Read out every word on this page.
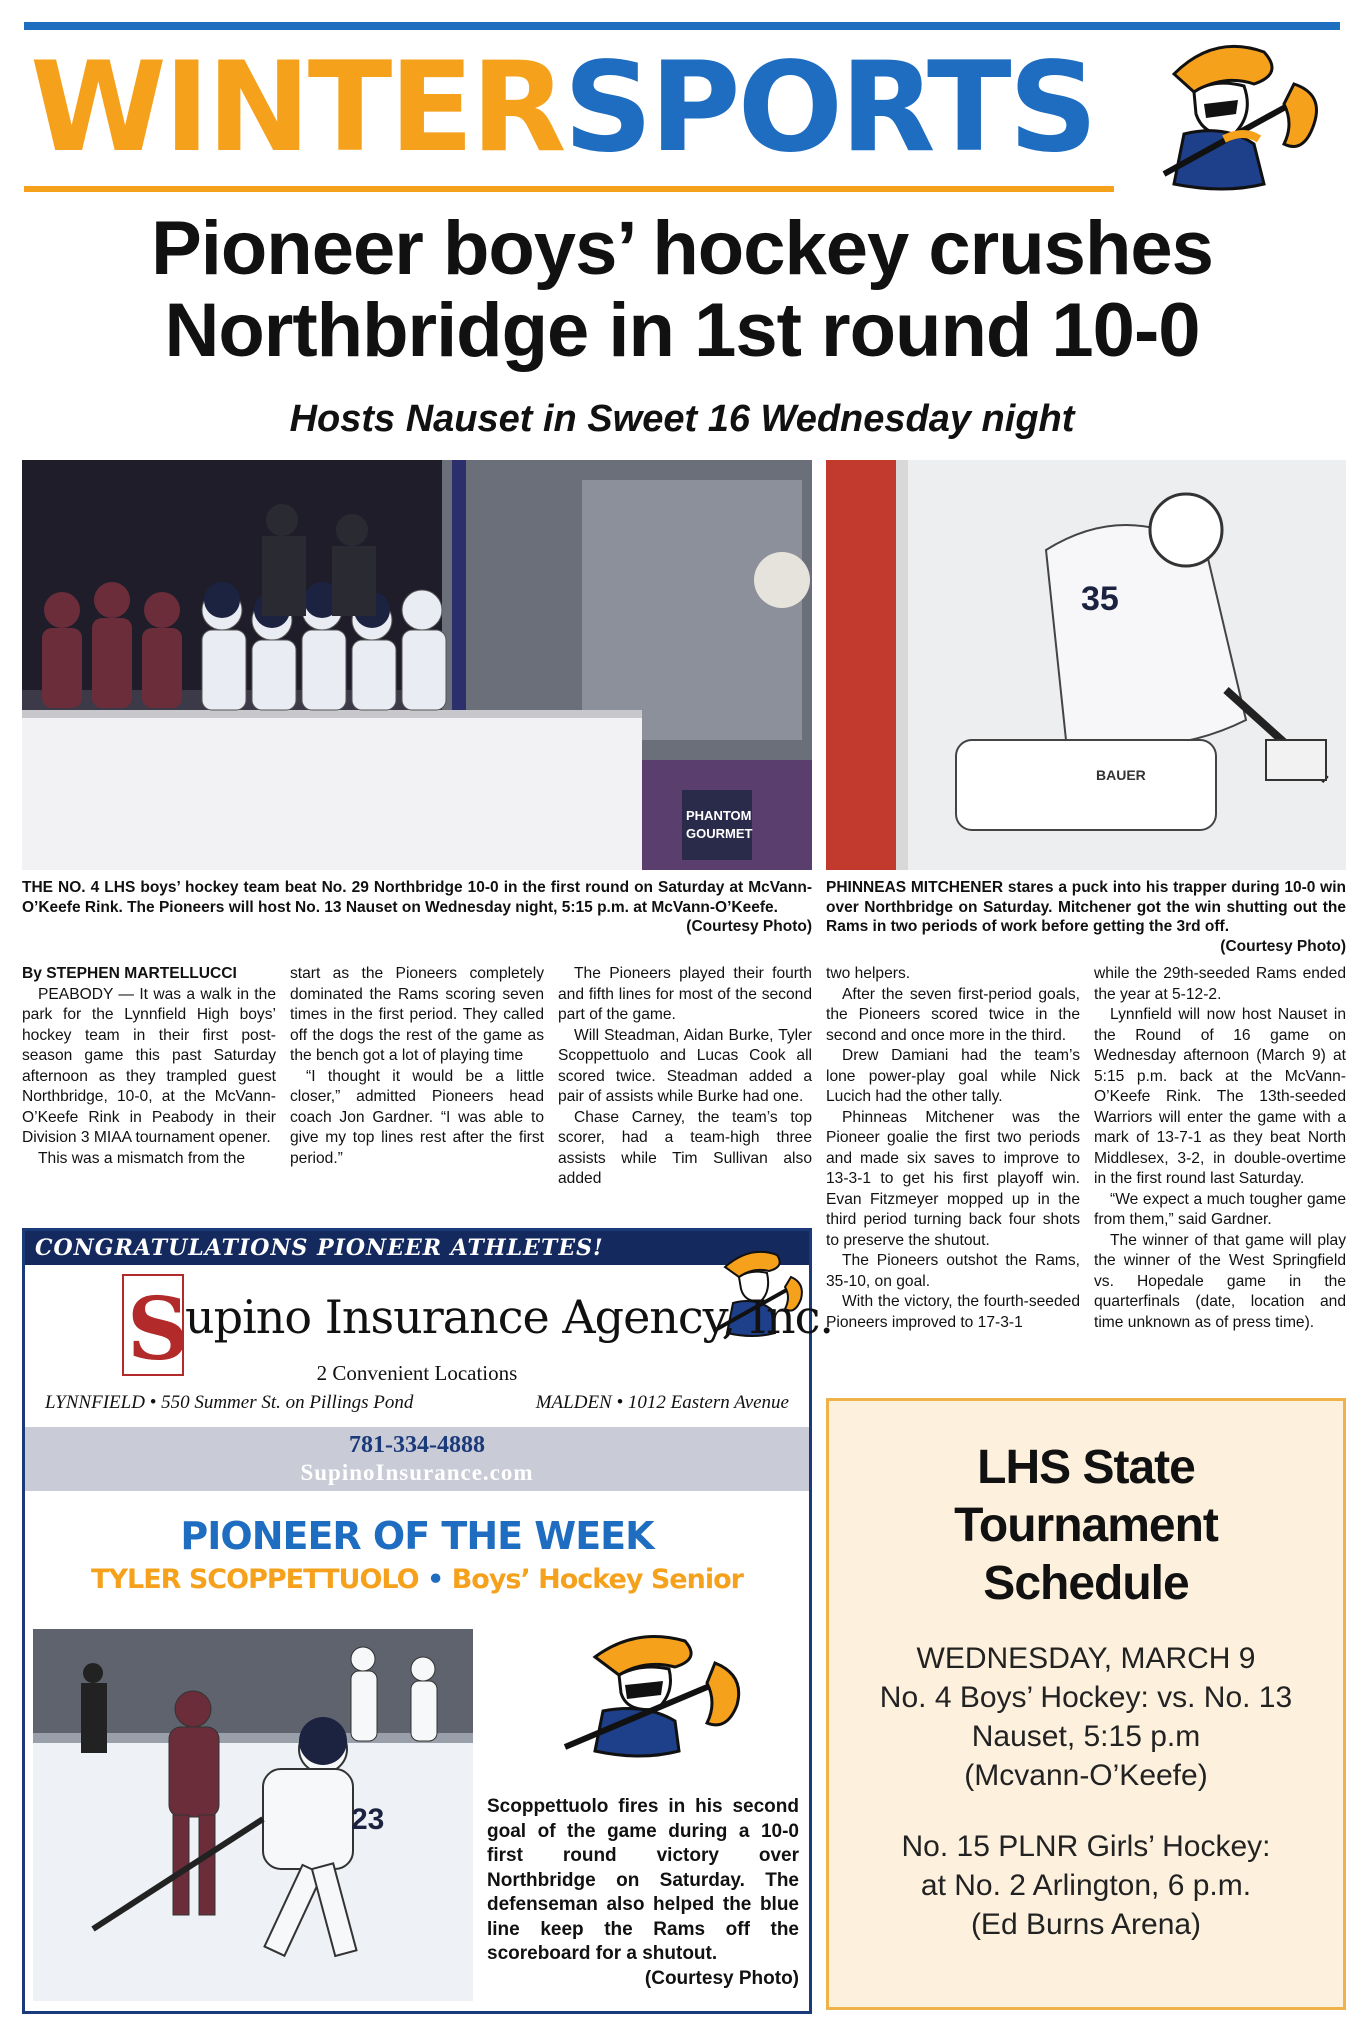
WINTERSPORTS
Pioneer boys’ hockey crushes
Northbridge in 1st round 10-0
Hosts Nauset in Sweet 16 Wednesday night
PHANTOM
GOURMET
35
BAUER
THE NO. 4 LHS boys’ hockey team beat No. 29 Northbridge 10-0 in the first round on Saturday at McVann-O’Keefe Rink. The Pioneers will host No. 13 Nauset on Wednesday night, 5:15 p.m. at McVann-O’Keefe.
(Courtesy Photo)
PHINNEAS MITCHENER stares a puck into his trapper during 10-0 win over Northbridge on Saturday. Mitchener got the win shutting out the Rams in two periods of work before getting the 3rd off.
(Courtesy Photo)

By STEPHEN MARTELLUCCI

PEABODY — It was a walk in the park for the Lynnfield High boys’ hockey team in their first post-season game this past Saturday afternoon as they trampled guest Northbridge, 10-0, at the McVann-O’Keefe Rink in Peabody in their Division 3 MIAA tournament opener.

This was a mismatch from the

start as the Pioneers completely dominated the Rams scoring seven times in the first period. They called off the dogs the rest of the game as the bench got a lot of playing time

“I thought it would be a little closer,” admitted Pioneers head coach Jon Gardner. “I was able to give my top lines rest after the first period.”

The Pioneers played their fourth and fifth lines for most of the second part of the game.

Will Steadman, Aidan Burke, Tyler Scoppettuolo and Lucas Cook all scored twice. Steadman added a pair of assists while Burke had one.

Chase Carney, the team’s top scorer, had a team-high three assists while Tim Sullivan also added

two helpers.

After the seven first-period goals, the Pioneers scored twice in the second and once more in the third.

Drew Damiani had the team’s lone power-play goal while Nick Lucich had the other tally.

Phinneas Mitchener was the Pioneer goalie the first two periods and made six saves to improve to 13-3-1 to get his first playoff win. Evan Fitzmeyer mopped up in the third period turning back four shots to preserve the shutout.

The Pioneers outshot the Rams, 35-10, on goal.

With the victory, the fourth-seeded Pioneers improved to 17-3-1

while the 29th-seeded Rams ended the year at 5-12-2.

Lynnfield will now host Nauset in the Round of 16 game on Wednesday afternoon (March 9) at 5:15 p.m. back at the McVann-O’Keefe Rink. The 13th-seeded Warriors will enter the game with a mark of 13-7-1 as they beat North Middlesex, 3-2, in double-overtime in the first round last Saturday.

“We expect a much tougher game from them,” said Gardner.

The winner of that game will play the winner of the West Springfield vs. Hopedale game in the quarterfinals (date, location and time unknown as of press time).

CONGRATULATIONS PIONEER ATHLETES!
S
upino Insurance Agency, Inc.
2 Convenient Locations
LYNNFIELD • 550 Summer St. on Pillings Pond	MALDEN • 1012 Eastern Avenue
781-334-4888
SupinoInsurance.com
PIONEER OF THE WEEK
TYLER SCOPPETTUOLO • Boys’ Hockey Senior
23	Scoppettuolo fires in his second goal of the game during a 10-0 first round victory over Northbridge on Saturday. The defenseman also helped the blue line keep the Rams off the scoreboard for a shutout.
(Courtesy Photo)
LHS State
Tournament
Schedule
WEDNESDAY, MARCH 9
No. 4 Boys’ Hockey: vs. No. 13
Nauset, 5:15 p.m
(Mcvann-O’Keefe)
No. 15 PLNR Girls’ Hockey:
at No. 2 Arlington, 6 p.m.
(Ed Burns Arena)
